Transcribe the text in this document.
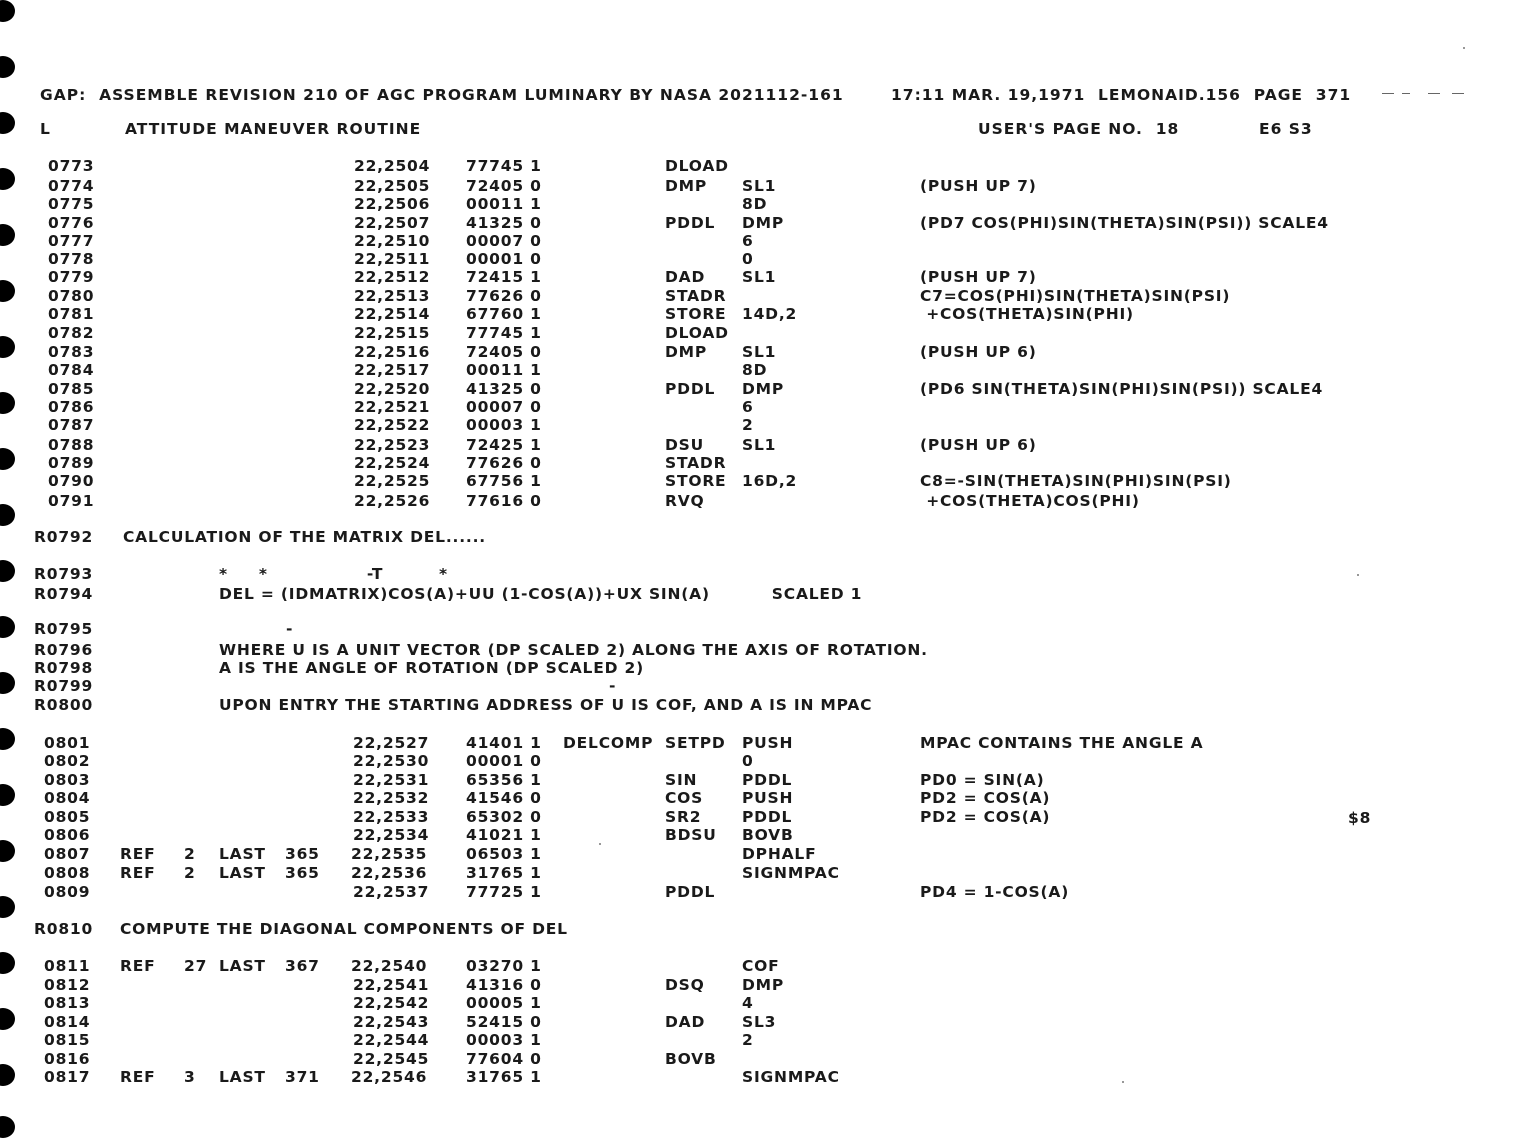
GAP:  ASSEMBLE REVISION 210 OF AGC PROGRAM LUMINARY BY NASA 2021112-161	17:11 MAR. 19,1971  LEMONAID.156  PAGE  371
L	ATTITUDE MANEUVER ROUTINE	USER'S PAGE NO.  18	E6 S3
0773	22,2504 77745 1	DLOAD
0774	22,2505 72405 0	DMP SL1	(PUSH UP 7)
0775	22,2506 00011 1	8D
0776	22,2507 41325 0	PDDL DMP	(PD7 COS(PHI)SIN(THETA)SIN(PSI)) SCALE4
0777	22,2510 00007 0	6
0778	22,2511 00001 0	0
0779	22,2512 72415 1	DAD SL1	(PUSH UP 7)
0780	22,2513 77626 0	STADR	C7=COS(PHI)SIN(THETA)SIN(PSI)
0781	22,2514 67760 1	STORE 14D,2	+COS(THETA)SIN(PHI)
0782	22,2515 77745 1	DLOAD
0783	22,2516 72405 0	DMP SL1	(PUSH UP 6)
0784	22,2517 00011 1	8D
0785	22,2520 41325 0	PDDL DMP	(PD6 SIN(THETA)SIN(PHI)SIN(PSI)) SCALE4
0786	22,2521 00007 0	6
0787	22,2522 00003 1	2
0788	22,2523 72425 1	DSU SL1	(PUSH UP 6)
0789	22,2524 77626 0	STADR
0790	22,2525 67756 1	STORE 16D,2	C8=-SIN(THETA)SIN(PHI)SIN(PSI)
0791	22,2526 77616 0	RVQ	+COS(THETA)COS(PHI)
0801	22,2527 41401 1 DELCOMP SETPD PUSH	MPAC CONTAINS THE ANGLE A
0802	22,2530 00001 0	0
0803	22,2531 65356 1	SIN	PDDL	PD0 = SIN(A)
0804	22,2532 41546 0	COS	PUSH	PD2 = COS(A)
0805	22,2533 65302 0	SR2	PDDL	PD2 = COS(A)
0806	22,2534 41021 1	BDSU BOVB
0807 REF 2 LAST 365 22,2535	06503 1	DPHALF
0808 REF 2 LAST 365 22,2536	31765 1	SIGNMPAC
0809	22,2537 77725 1	PDDL	PD4 = 1-COS(A)
0811 REF 27 LAST 367 22,2540	03270 1	COF
0812	22,2541 41316 0	DSQ DMP
0813	22,2542 00005 1	4
0814	22,2543 52415 0	DAD SL3
0815	22,2544 00003 1	2
0816	22,2545 77604 0	BOVB
0817 REF 3 LAST 371 22,2546	31765 1	SIGNMPAC
R0792 CALCULATION OF THE MATRIX DEL......
R0793	*     *                -T         *
R0794	DEL = (IDMATRIX)COS(A)+UU (1-COS(A))+UX SIN(A)          SCALED 1
R0795	-
R0796	WHERE U IS A UNIT VECTOR (DP SCALED 2) ALONG THE AXIS OF ROTATION.
R0798	A IS THE ANGLE OF ROTATION (DP SCALED 2)
R0799	-
R0800	UPON ENTRY THE STARTING ADDRESS OF U IS COF, AND A IS IN MPAC
R0810 COMPUTE THE DIAGONAL COMPONENTS OF DEL
$8
